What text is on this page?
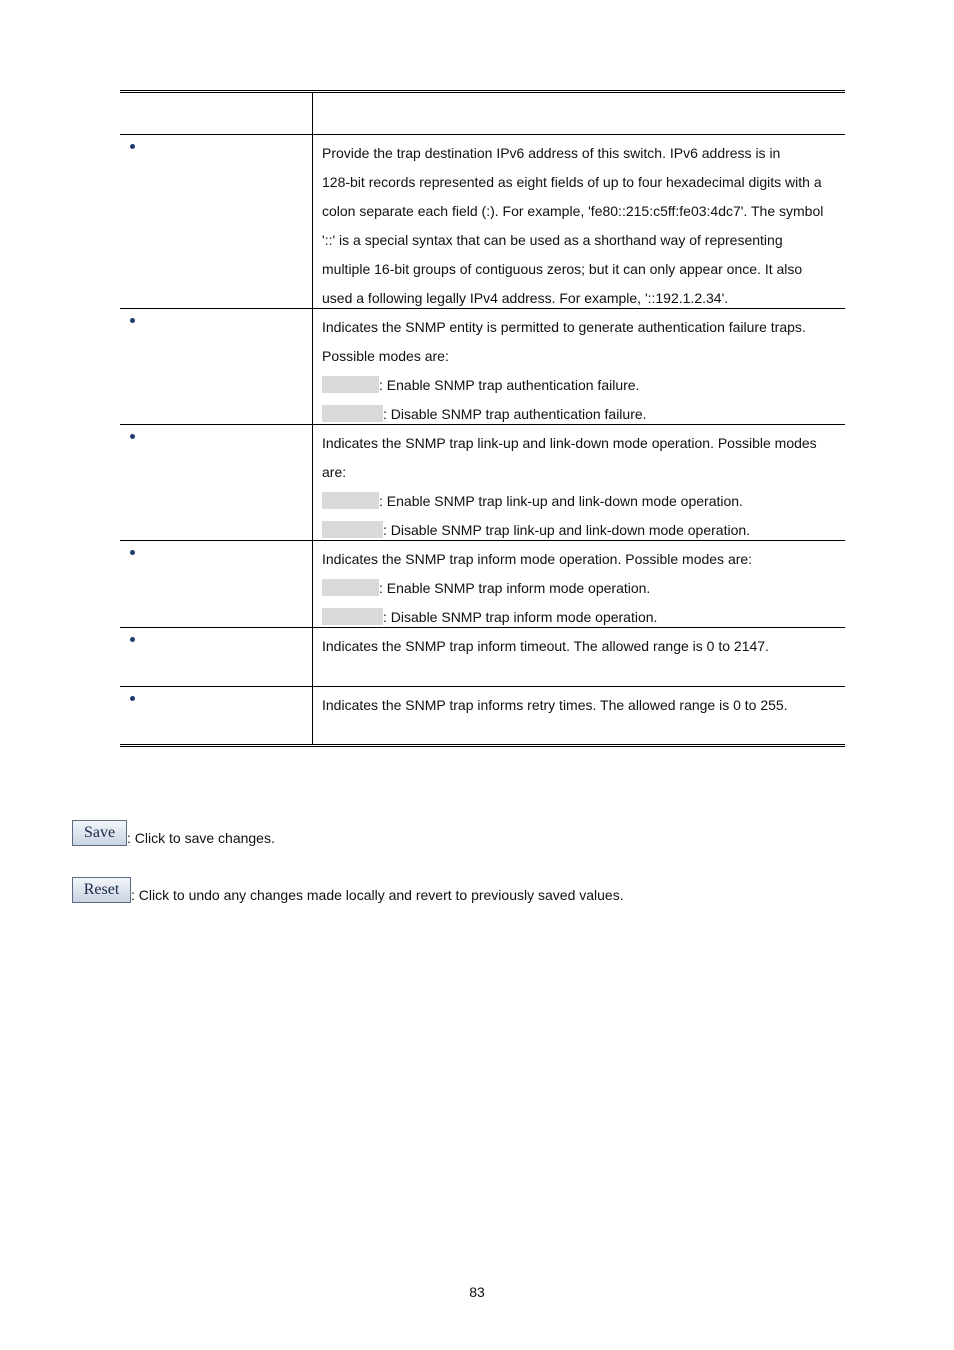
Provide the trap destination IPv6 address of this switch. IPv6 address is in
128-bit records represented as eight fields of up to four hexadecimal digits with a
colon separate each field (:). For example, 'fe80::215:c5ff:fe03:4dc7'. The symbol
'::' is a special syntax that can be used as a shorthand way of representing
multiple 16-bit groups of contiguous zeros; but it can only appear once. It also
used a following legally IPv4 address. For example, '::192.1.2.34'.
Indicates the SNMP entity is permitted to generate authentication failure traps.
Possible modes are:
: Enable SNMP trap authentication failure.
: Disable SNMP trap authentication failure.
Indicates the SNMP trap link-up and link-down mode operation. Possible modes
are:
: Enable SNMP trap link-up and link-down mode operation.
: Disable SNMP trap link-up and link-down mode operation.
Indicates the SNMP trap inform mode operation. Possible modes are:
: Enable SNMP trap inform mode operation.
: Disable SNMP trap inform mode operation.
Indicates the SNMP trap inform timeout. The allowed range is 0 to 2147.
Indicates the SNMP trap informs retry times. The allowed range is 0 to 255.
Save : Click to save changes.
Reset : Click to undo any changes made locally and revert to previously saved values.
83
